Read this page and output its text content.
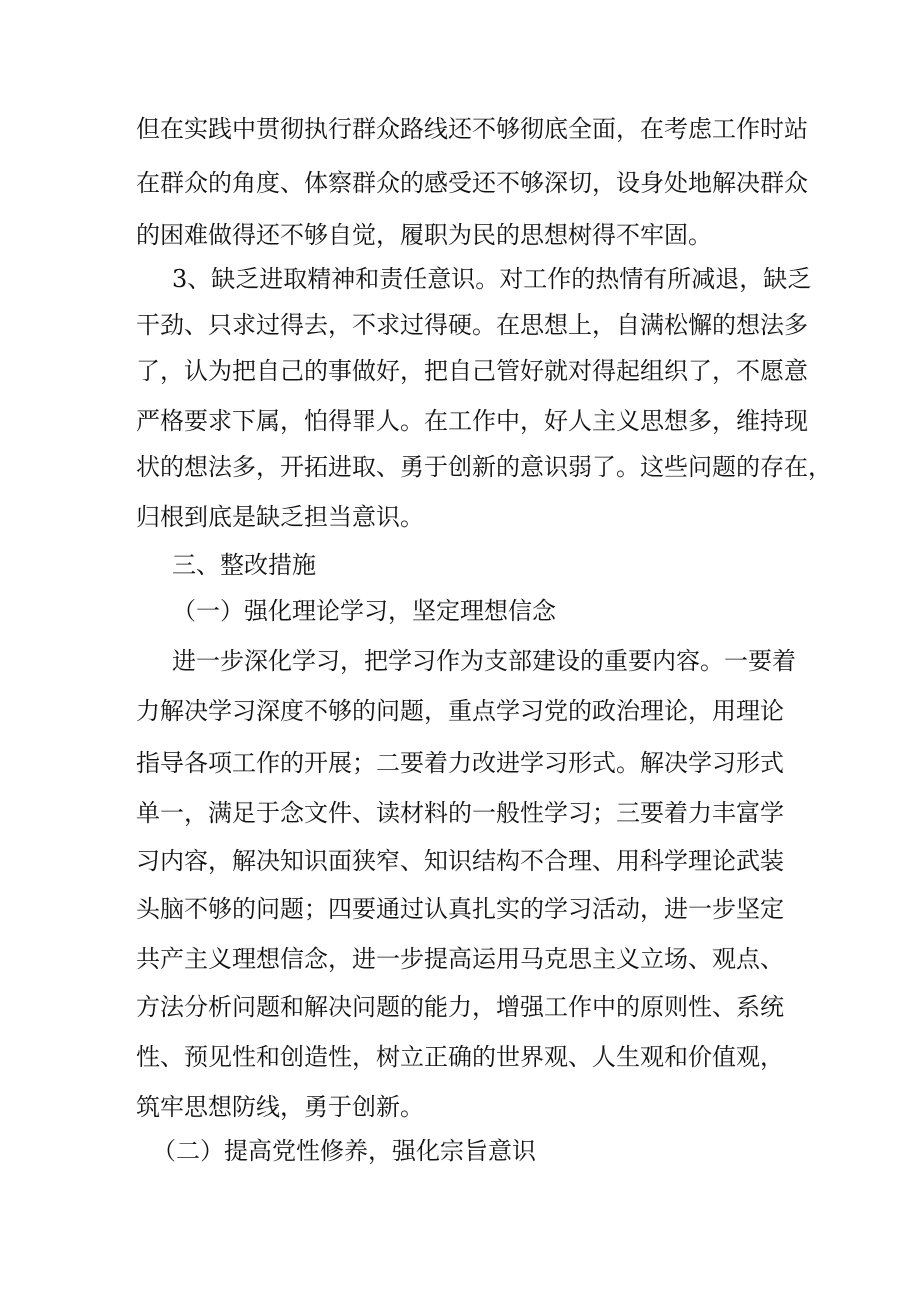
但在实践中贯彻执行群众路线还不够彻底全面，在考虑工作时站
在群众的角度、体察群众的感受还不够深切，设身处地解决群众
的困难做得还不够自觉，履职为民的思想树得不牢固。
3、缺乏进取精神和责任意识。对工作的热情有所减退，缺乏
干劲、只求过得去，不求过得硬。在思想上，自满松懈的想法多
了，认为把自己的事做好，把自己管好就对得起组织了，不愿意
严格要求下属，怕得罪人。在工作中，好人主义思想多，维持现
状的想法多，开拓进取、勇于创新的意识弱了。这些问题的存在，
归根到底是缺乏担当意识。
三、整改措施
（一）强化理论学习，坚定理想信念
进一步深化学习，把学习作为支部建设的重要内容。一要着
力解决学习深度不够的问题，重点学习党的政治理论，用理论
指导各项工作的开展；二要着力改进学习形式。解决学习形式
单一，满足于念文件、读材料的一般性学习；三要着力丰富学
习内容，解决知识面狭窄、知识结构不合理、用科学理论武装
头脑不够的问题；四要通过认真扎实的学习活动，进一步坚定
共产主义理想信念，进一步提高运用马克思主义立场、观点、
方法分析问题和解决问题的能力，增强工作中的原则性、系统
性、预见性和创造性，树立正确的世界观、人生观和价值观，
筑牢思想防线，勇于创新。
（二）提高党性修养，强化宗旨意识
